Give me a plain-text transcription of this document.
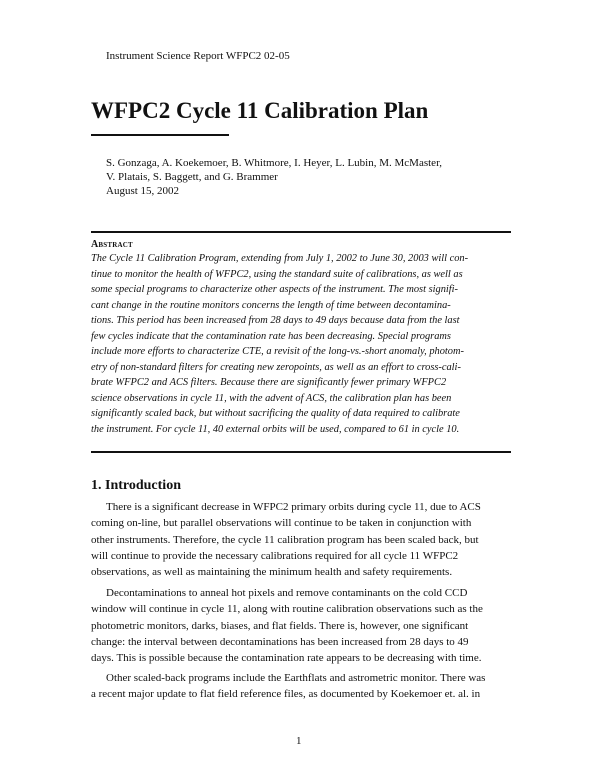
Instrument Science Report WFPC2 02-05
WFPC2 Cycle 11 Calibration Plan
S. Gonzaga, A. Koekemoer, B. Whitmore, I. Heyer, L. Lubin, M. McMaster,
V. Platais, S. Baggett, and G. Brammer
August 15, 2002
Abstract
The Cycle 11 Calibration Program, extending from July 1, 2002 to June 30, 2003 will con-
tinue to monitor the health of WFPC2, using the standard suite of calibrations, as well as
some special programs to characterize other aspects of the instrument. The most signifi-
cant change in the routine monitors concerns the length of time between decontamina-
tions. This period has been increased from 28 days to 49 days because data from the last
few cycles indicate that the contamination rate has been decreasing. Special programs
include more efforts to characterize CTE, a revisit of the long-vs.-short anomaly, photom-
etry of non-standard filters for creating new zeropoints, as well as an effort to cross-cali-
brate WFPC2 and ACS filters. Because there are significantly fewer primary WFPC2
science observations in cycle 11, with the advent of ACS, the calibration plan has been
significantly scaled back, but without sacrificing the quality of data required to calibrate
the instrument. For cycle 11, 40 external orbits will be used, compared to 61 in cycle 10.
1. Introduction
There is a significant decrease in WFPC2 primary orbits during cycle 11, due to ACS
coming on-line, but parallel observations will continue to be taken in conjunction with
other instruments. Therefore, the cycle 11 calibration program has been scaled back, but
will continue to provide the necessary calibrations required for all cycle 11 WFPC2
observations, as well as maintaining the minimum health and safety requirements.
Decontaminations to anneal hot pixels and remove contaminants on the cold CCD
window will continue in cycle 11, along with routine calibration observations such as the
photometric monitors, darks, biases, and flat fields. There is, however, one significant
change: the interval between decontaminations has been increased from 28 days to 49
days. This is possible because the contamination rate appears to be decreasing with time.
Other scaled-back programs include the Earthflats and astrometric monitor. There was
a recent major update to flat field reference files, as documented by Koekemoer et. al. in
1
